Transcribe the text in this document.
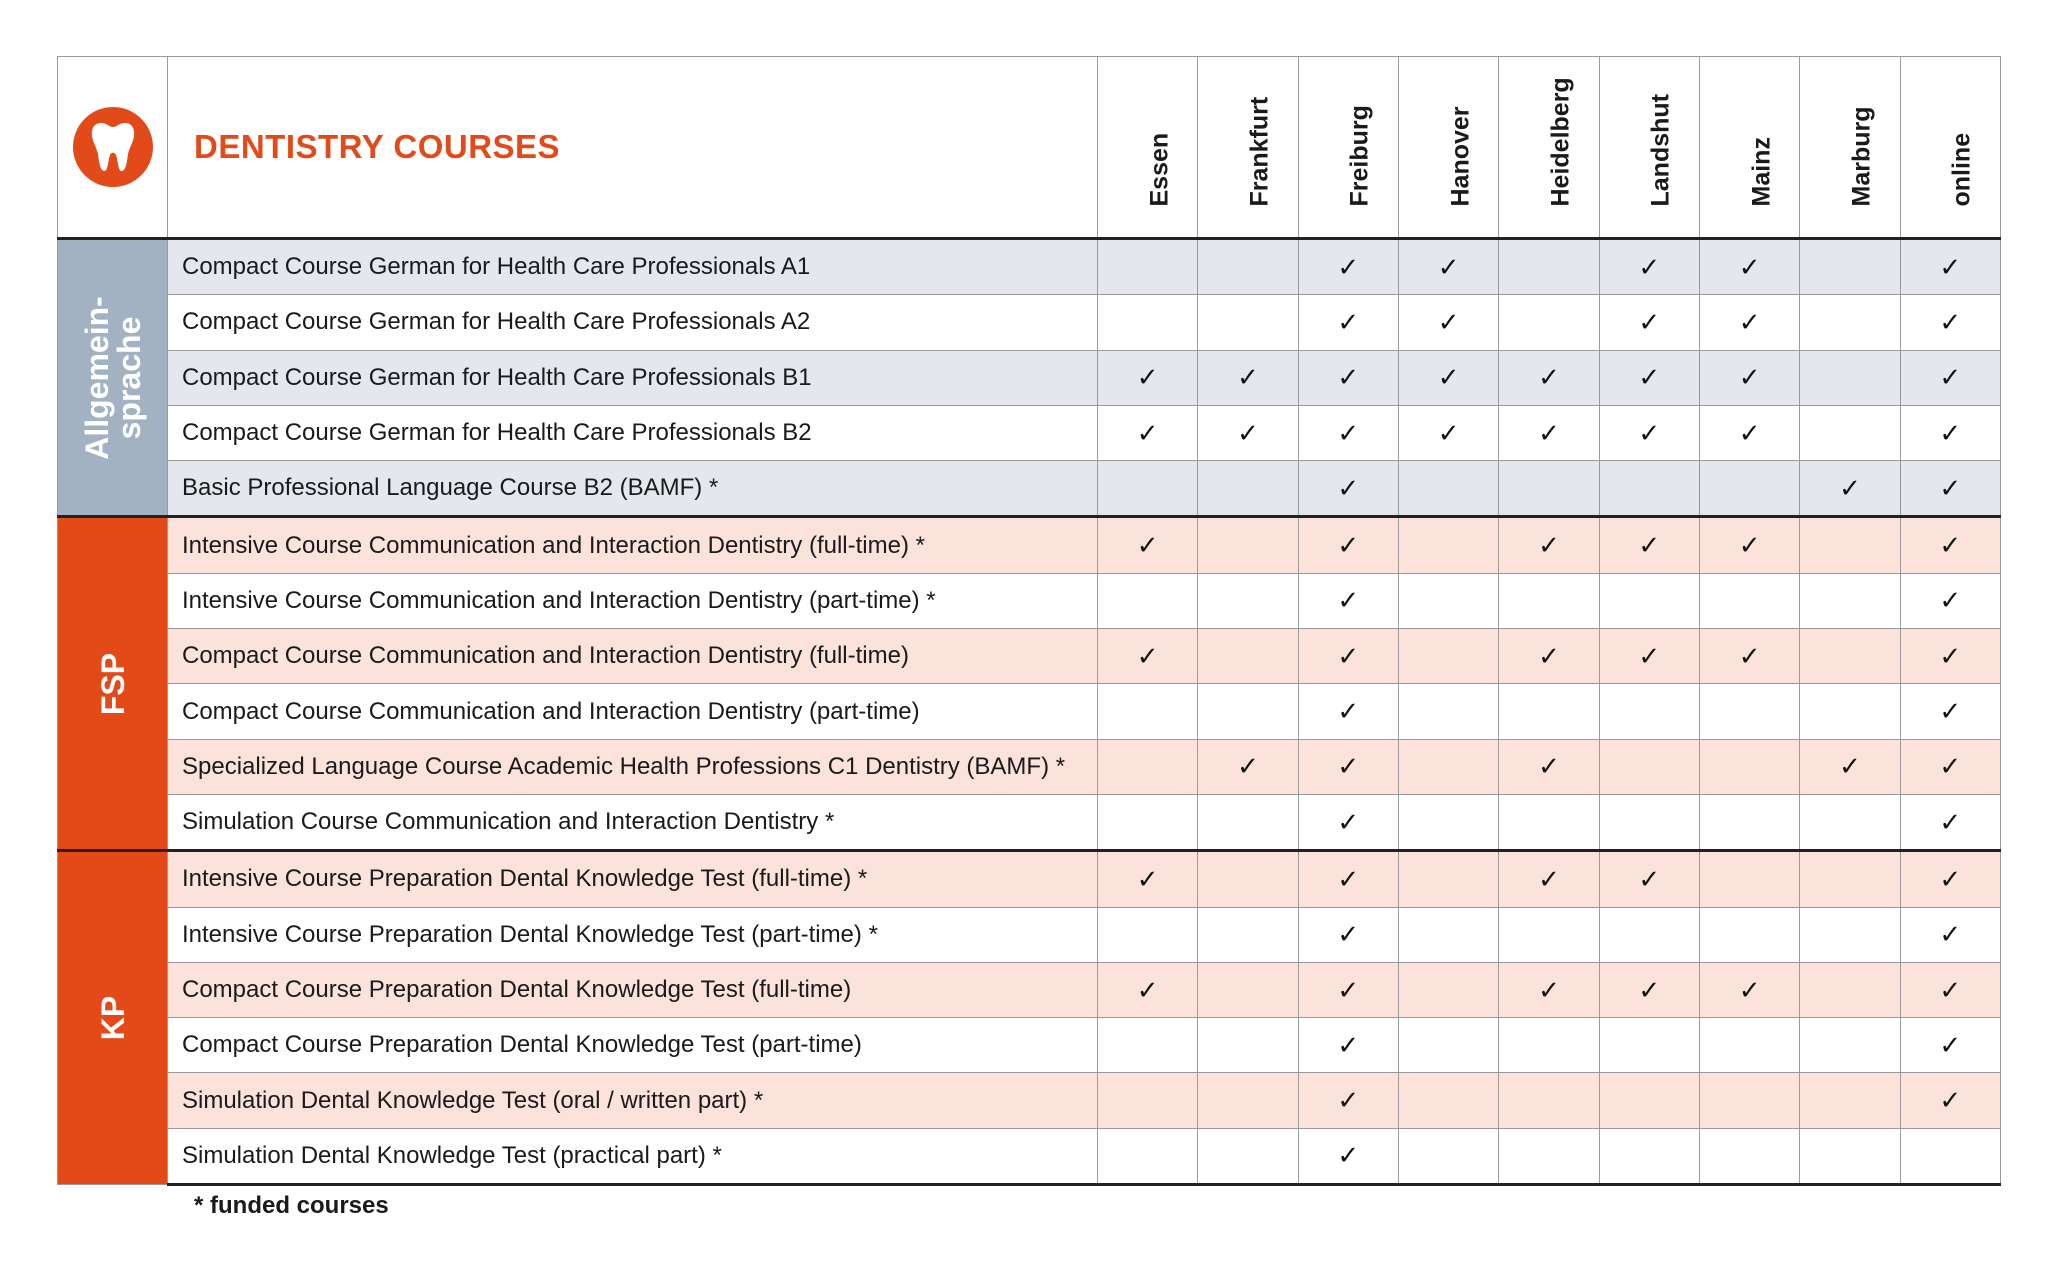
	DENTISTRY COURSES	Essen	Frankfurt	Freiburg	Hanover	Heidelberg	Landshut	Mainz	Marburg	online

Allgemein-
sprache	Compact Course German for Health Care Professionals A1			✓	✓		✓	✓		✓
	Compact Course German for Health Care Professionals A2			✓	✓		✓	✓		✓
	Compact Course German for Health Care Professionals B1	✓	✓	✓	✓	✓	✓	✓		✓
	Compact Course German for Health Care Professionals B2	✓	✓	✓	✓	✓	✓	✓		✓
	Basic Professional Language Course B2 (BAMF) *			✓					✓	✓

FSP	Intensive Course Communication and Interaction Dentistry (full-time) *	✓		✓		✓	✓	✓		✓
	Intensive Course Communication and Interaction Dentistry (part-time) *			✓						✓
	Compact Course Communication and Interaction Dentistry (full-time)	✓		✓		✓	✓	✓		✓
	Compact Course Communication and Interaction Dentistry (part-time)			✓						✓
	Specialized Language Course Academic Health Professions C1 Dentistry (BAMF) *		✓	✓		✓			✓	✓
	Simulation Course Communication and Interaction Dentistry *			✓						✓

KP	Intensive Course Preparation Dental Knowledge Test (full-time) *	✓		✓		✓	✓			✓
	Intensive Course Preparation Dental Knowledge Test (part-time) *			✓						✓
	Compact Course Preparation Dental Knowledge Test (full-time)	✓		✓		✓	✓	✓		✓
	Compact Course Preparation Dental Knowledge Test (part-time)			✓						✓
	Simulation Dental Knowledge Test (oral / written part) *			✓						✓
	Simulation Dental Knowledge Test (practical part) *			✓						
* funded courses
